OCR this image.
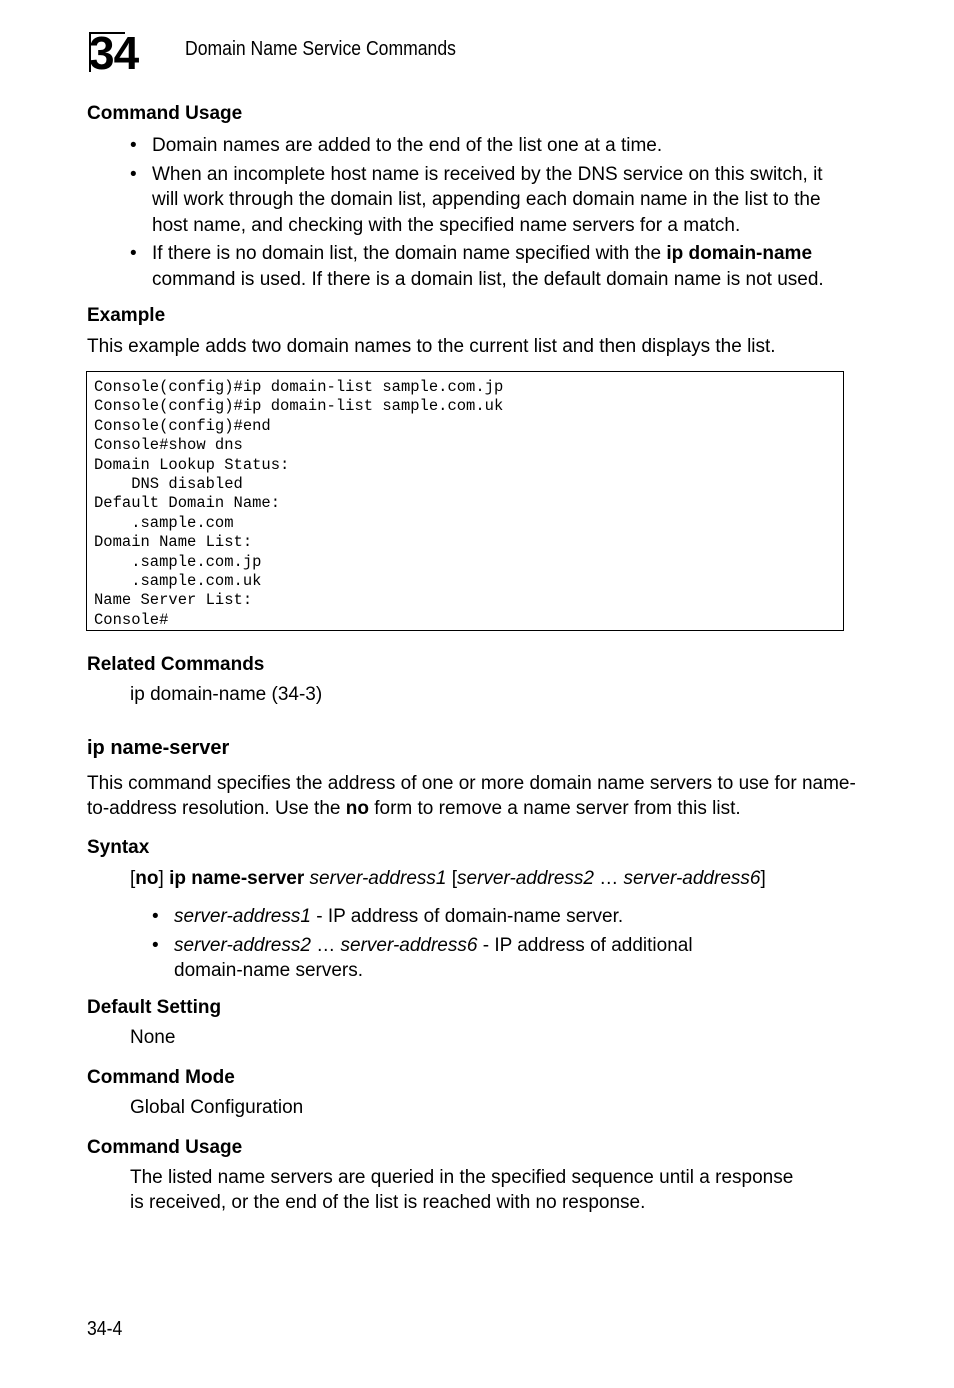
34 Domain Name Service Commands
Command Usage
• Domain names are added to the end of the list one at a time.
• When an incomplete host name is received by the DNS service on this switch, it will work through the domain list, appending each domain name in the list to the host name, and checking with the specified name servers for a match.
• If there is no domain list, the domain name specified with the ip domain-name command is used. If there is a domain list, the default domain name is not used.
Example
This example adds two domain names to the current list and then displays the list.
Console(config)#ip domain-list sample.com.jp
Console(config)#ip domain-list sample.com.uk
Console(config)#end
Console#show dns
Domain Lookup Status:
DNS disabled
Default Domain Name:
.sample.com
Domain Name List:
.sample.com.jp
.sample.com.uk
Name Server List:
Console#
Related Commands
ip domain-name (34-3)
ip name-server
This command specifies the address of one or more domain name servers to use for name-to-address resolution. Use the no form to remove a name server from this list.
Syntax
[no] ip name-server server-address1 [server-address2 … server-address6]
• server-address1 - IP address of domain-name server.
• server-address2 … server-address6 - IP address of additional domain-name servers.
Default Setting
None
Command Mode
Global Configuration
Command Usage
The listed name servers are queried in the specified sequence until a response is received, or the end of the list is reached with no response.
34-4
